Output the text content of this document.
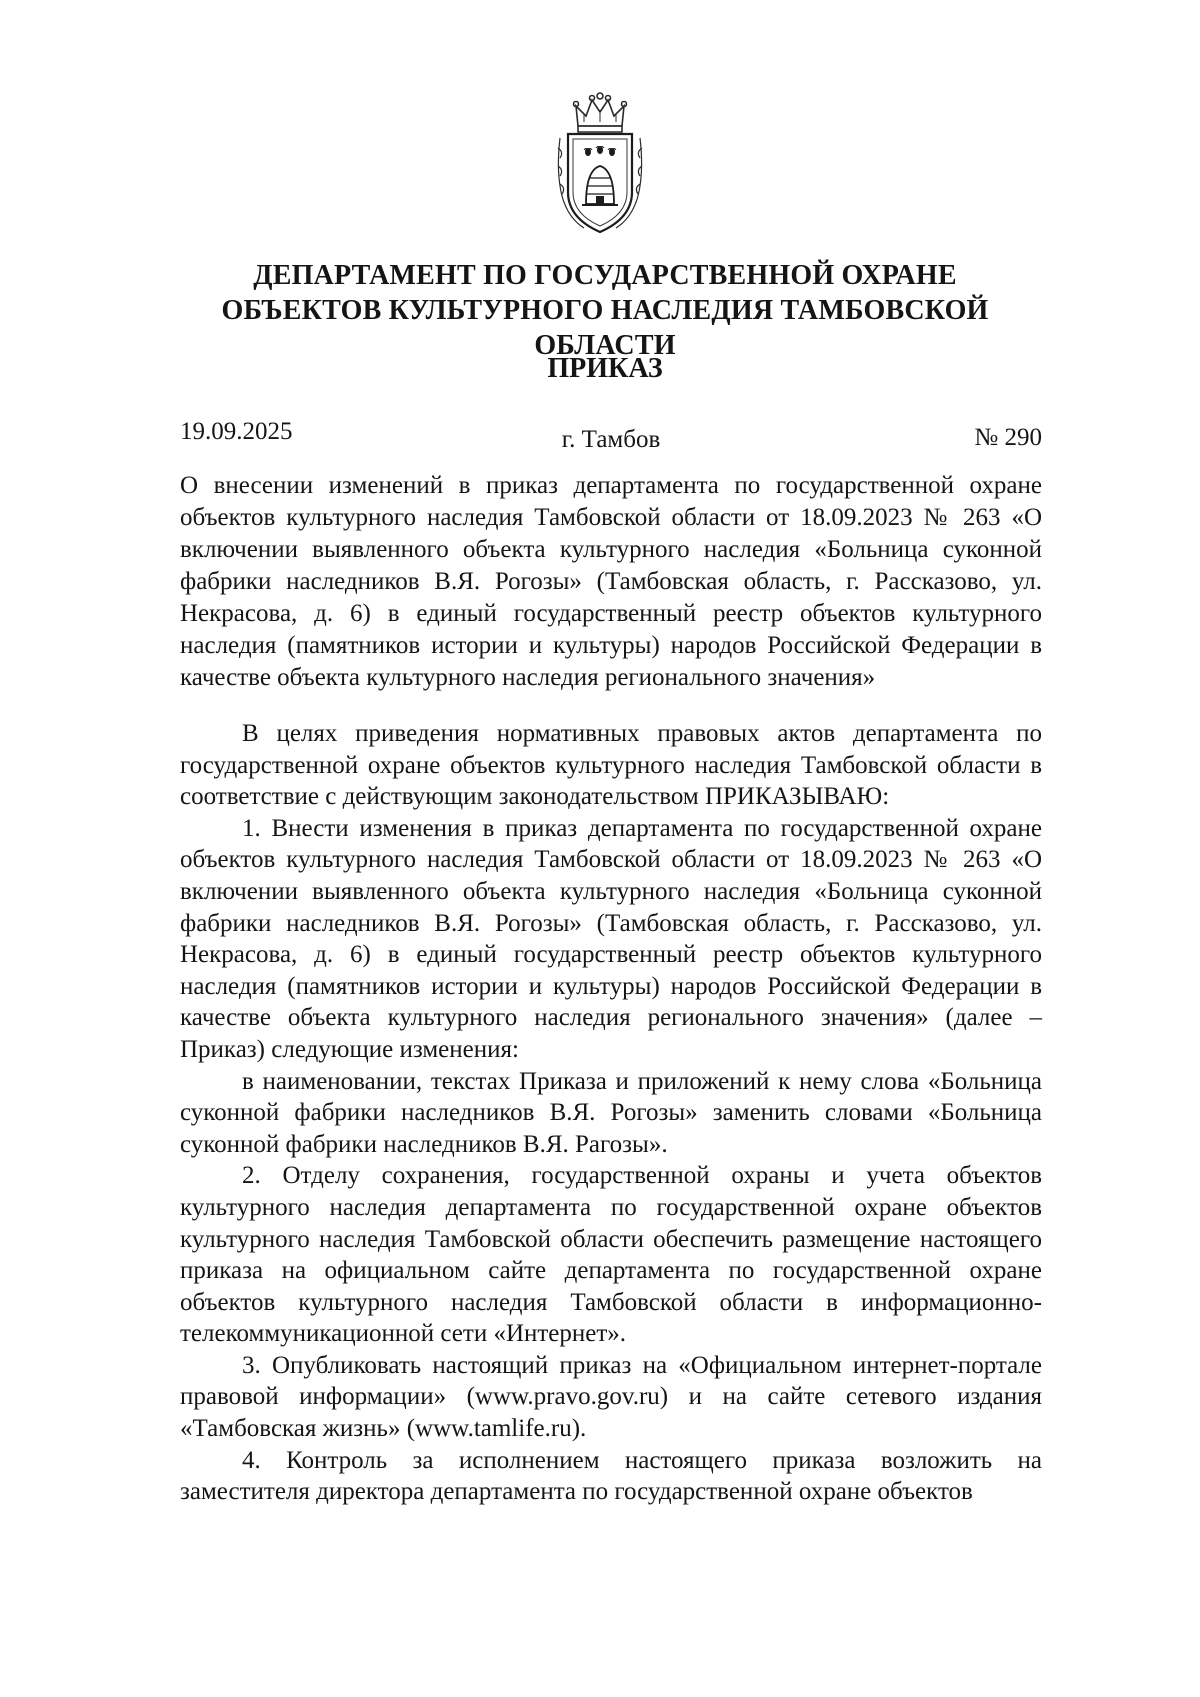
ДЕПАРТАМЕНТ ПО ГОСУДАРСТВЕННОЙ ОХРАНЕ ОБЪЕКТОВ КУЛЬТУРНОГО НАСЛЕДИЯ ТАМБОВСКОЙ ОБЛАСТИ
ПРИКАЗ
19.09.2025	г. Тамбов	№ 290
О внесении изменений в приказ департамента по государственной охране объектов культурного наследия Тамбовской области от 18.09.2023 № 263 «О включении выявленного объекта культурного наследия «Больница суконной фабрики наследников В.Я. Рогозы» (Тамбовская область, г. Рассказово, ул. Некрасова, д. 6) в единый государственный реестр объектов культурного наследия (памятников истории и культуры) народов Российской Федерации в качестве объекта культурного наследия регионального значения»

В целях приведения нормативных правовых актов департамента по государственной охране объектов культурного наследия Тамбовской области в соответствие с действующим законодательством ПРИКАЗЫВАЮ:

1. Внести изменения в приказ департамента по государственной охране объектов культурного наследия Тамбовской области от 18.09.2023 № 263 «О включении выявленного объекта культурного наследия «Больница суконной фабрики наследников В.Я. Рогозы» (Тамбовская область, г. Рассказово, ул. Некрасова, д. 6) в единый государственный реестр объектов культурного наследия (памятников истории и культуры) народов Российской Федерации в качестве объекта культурного наследия регионального значения» (далее – Приказ) следующие изменения:

в наименовании, текстах Приказа и приложений к нему слова «Больница суконной фабрики наследников В.Я. Рогозы» заменить словами «Больница суконной фабрики наследников В.Я. Рагозы».

2. Отделу сохранения, государственной охраны и учета объектов культурного наследия департамента по государственной охране объектов культурного наследия Тамбовской области обеспечить размещение настоящего приказа на официальном сайте департамента по государственной охране объектов культурного наследия Тамбовской области в информационно-телекоммуникационной сети «Интернет».

3. Опубликовать настоящий приказ на «Официальном интернет-портале правовой информации» (www.pravo.gov.ru) и на сайте сетевого издания «Тамбовская жизнь» (www.tamlife.ru).

4. Контроль за исполнением настоящего приказа возложить на заместителя директора департамента по государственной охране объектов
